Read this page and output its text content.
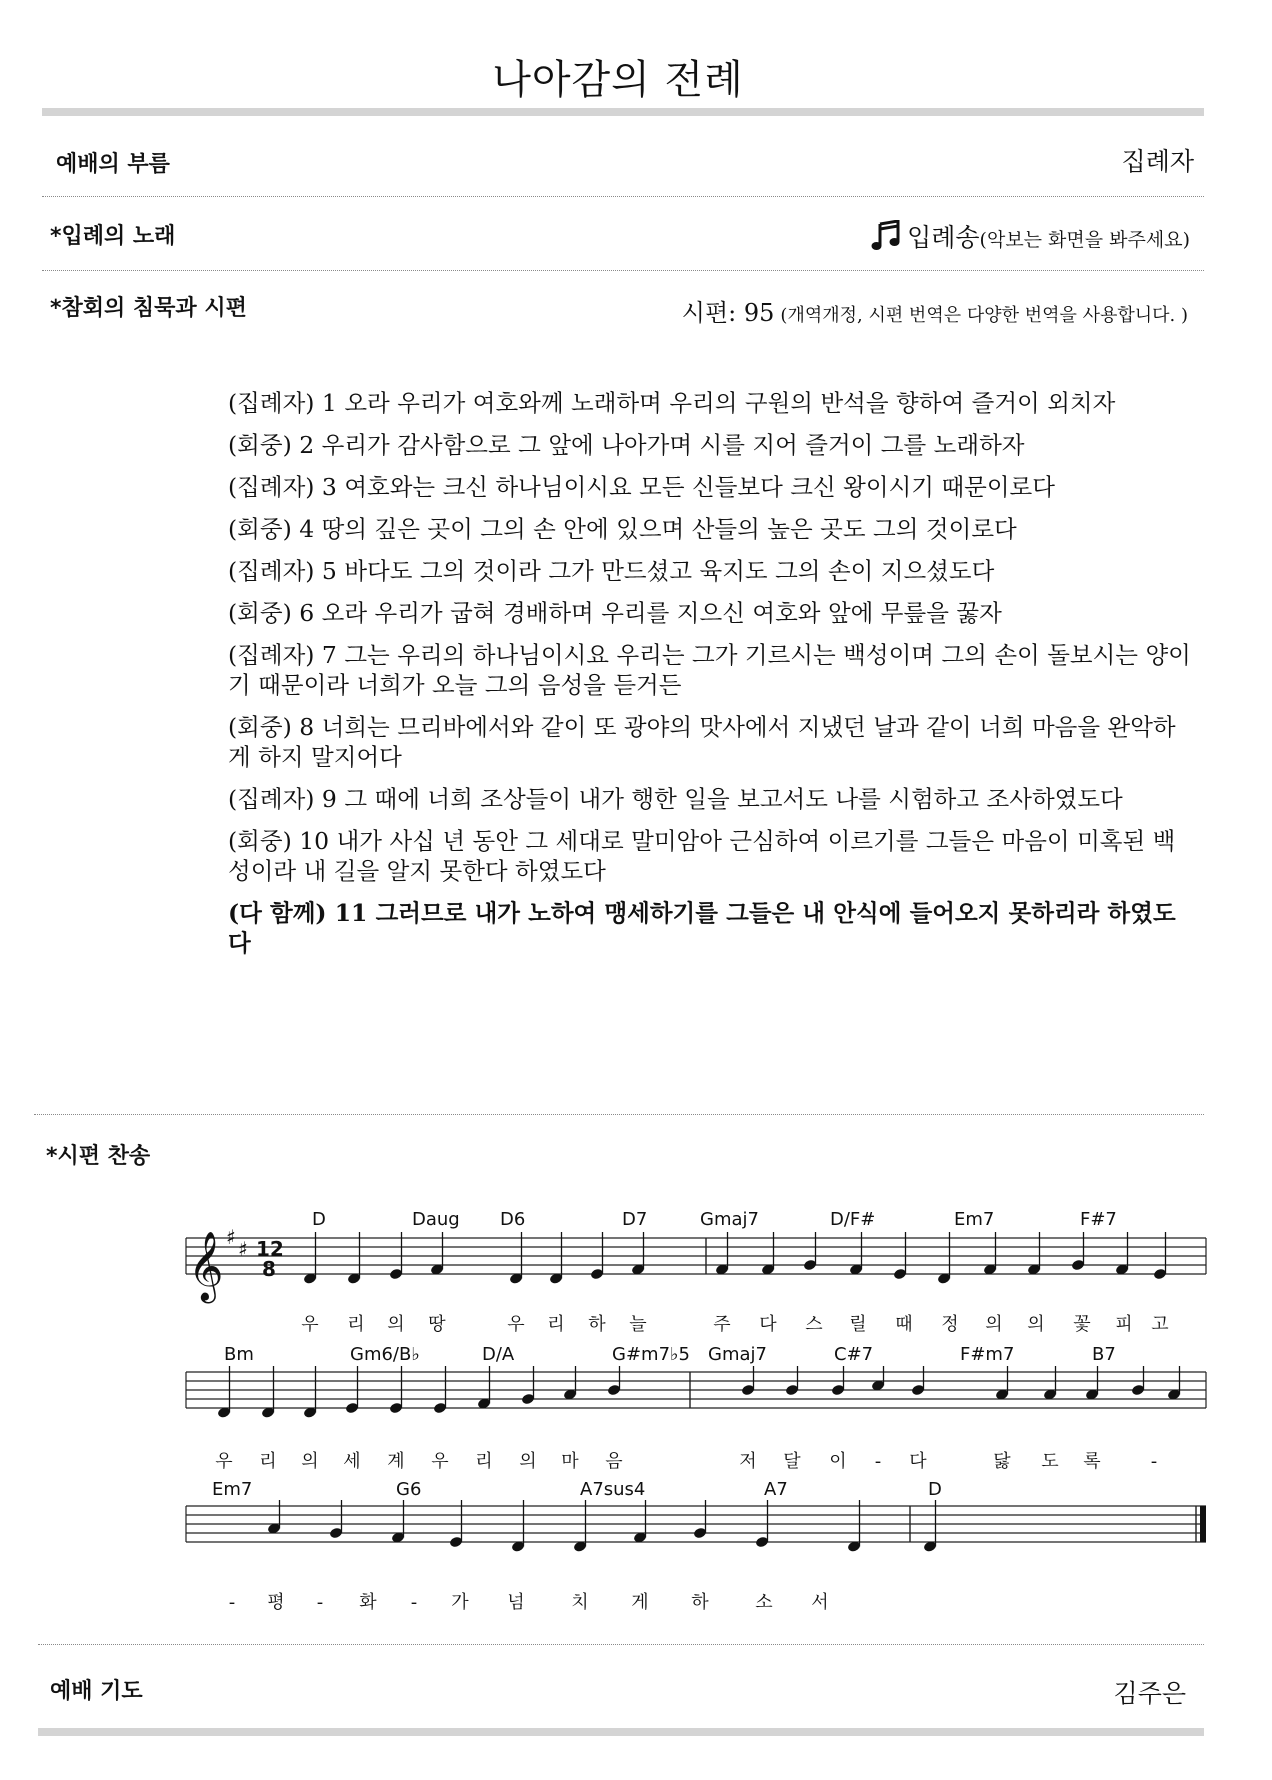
나아감의 전례
예배의 부름	집례자
*입례의 노래	입례송 (악보는 화면을 봐주세요)
*참회의 침묵과 시편	시편: 95 (개역개정, 시편 번역은 다양한 번역을 사용합니다. )
(집례자) 1 오라 우리가 여호와께 노래하며 우리의 구원의 반석을 향하여 즐거이 외치자
(회중) 2 우리가 감사함으로 그 앞에 나아가며 시를 지어 즐거이 그를 노래하자
(집례자) 3 여호와는 크신 하나님이시요 모든 신들보다 크신 왕이시기 때문이로다
(회중) 4 땅의 깊은 곳이 그의 손 안에 있으며 산들의 높은 곳도 그의 것이로다
(집례자) 5 바다도 그의 것이라 그가 만드셨고 육지도 그의 손이 지으셨도다
(회중) 6 오라 우리가 굽혀 경배하며 우리를 지으신 여호와 앞에 무릎을 꿇자
(집례자) 7 그는 우리의 하나님이시요 우리는 그가 기르시는 백성이며 그의 손이 돌보시는 양이기 때문이라 너희가 오늘 그의 음성을 듣거든
(회중) 8 너희는 므리바에서와 같이 또 광야의 맛사에서 지냈던 날과 같이 너희 마음을 완악하게 하지 말지어다
(집례자) 9 그 때에 너희 조상들이 내가 행한 일을 보고서도 나를 시험하고 조사하였도다
(회중) 10 내가 사십 년 동안 그 세대로 말미암아 근심하여 이르기를 그들은 마음이 미혹된 백성이라 내 길을 알지 못한다 하였도다
(다 함께) 11 그러므로 내가 노하여 맹세하기를 그들은 내 안식에 들어오지 못하리라 하였도다
*시편 찬송
𝄞 ♯ ♯ 12
8
D	Daug D6	D7	Gmaj7	D/F#	Em7	F#7
우 리 의 땅	우 리 하 늘	주 다 스 릴 때 정 의 의 꽃 피 고
Bm	Gm6/B♭	D/A	G#m7♭5 Gmaj7	C#7	F#m7	B7
우 리 의 세 계 우 리 의 마 음	저 달 이 - 다	닳 도 록	-
Em7	G6	A7sus4	A7	D
- 평 - 화 - 가 넘	치 게 하	소 서
예배 기도	김주은
